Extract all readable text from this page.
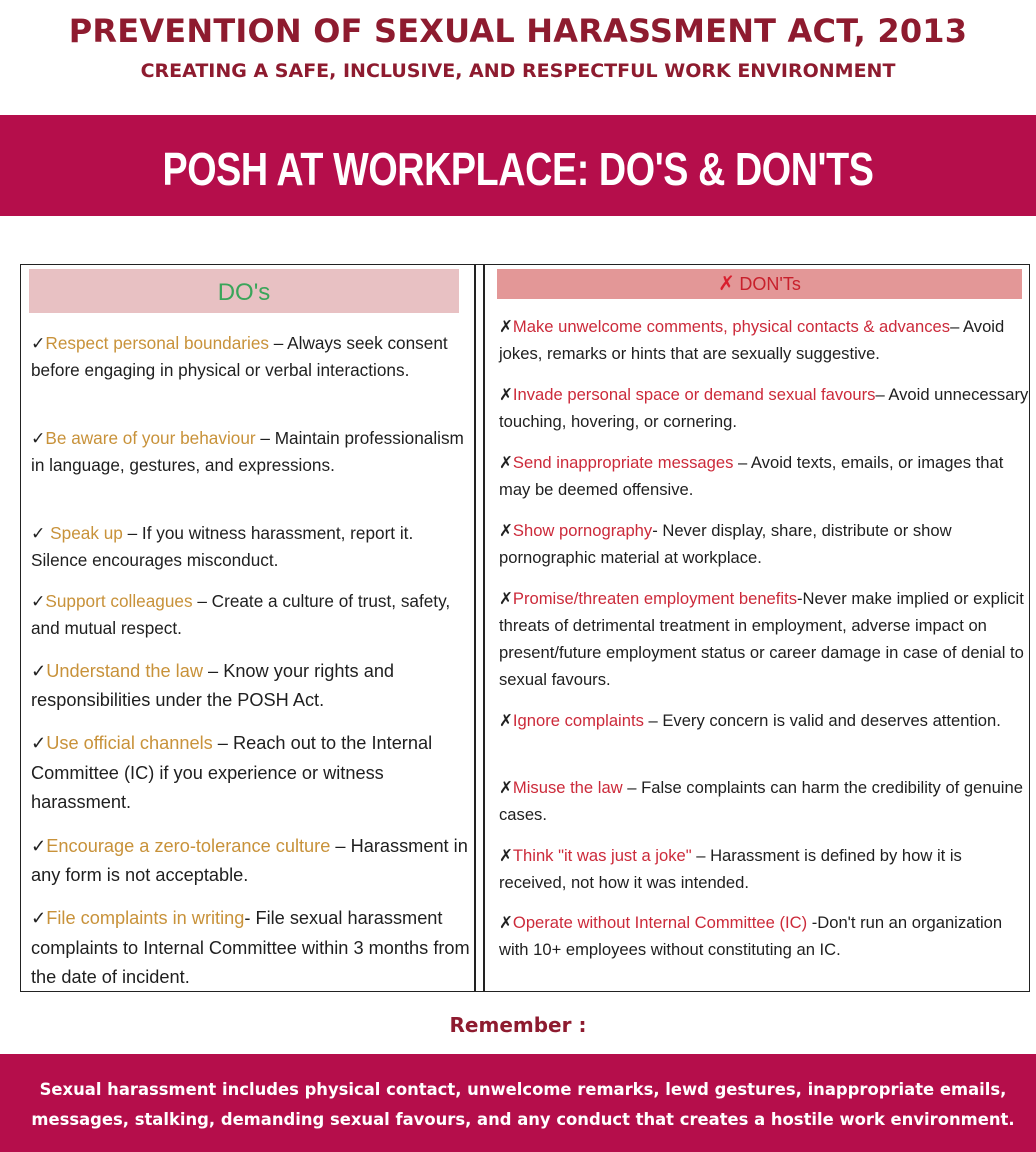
PREVENTION OF SEXUAL HARASSMENT ACT, 2013
CREATING A SAFE, INCLUSIVE, AND RESPECTFUL WORK ENVIRONMENT
POSH AT WORKPLACE: DO'S & DON'TS
DO's	✗ DON'Ts
✓Respect personal boundaries – Always seek consent before engaging in physical or verbal interactions.
✓Be aware of your behaviour – Maintain professionalism in language, gestures, and expressions.
✓ Speak up – If you witness harassment, report it. Silence encourages misconduct.
✓Support colleagues – Create a culture of trust, safety, and mutual respect.
✓Understand the law – Know your rights and responsibilities under the POSH Act.
✓Use official channels – Reach out to the Internal Committee (IC) if you experience or witness harassment.
✓Encourage a zero-tolerance culture – Harassment in any form is not acceptable.
✓File complaints in writing- File sexual harassment complaints to Internal Committee within 3 months from the date of incident.
✗Make unwelcome comments, physical contacts & advances– Avoid jokes, remarks or hints that are sexually suggestive.
✗Invade personal space or demand sexual favours– Avoid unnecessary touching, hovering, or cornering.
✗Send inappropriate messages – Avoid texts, emails, or images that may be deemed offensive.
✗Show pornography- Never display, share, distribute or show pornographic material at workplace.
✗Promise/threaten employment benefits-Never make implied or explicit threats of detrimental treatment in employment, adverse impact on present/future employment status or career damage in case of denial to sexual favours.
✗Ignore complaints – Every concern is valid and deserves attention.
✗Misuse the law – False complaints can harm the credibility of genuine cases.
✗Think "it was just a joke" – Harassment is defined by how it is received, not how it was intended.
✗Operate without Internal Committee (IC) -Don't run an organization with 10+ employees without constituting an IC.
Remember :
Sexual harassment includes physical contact, unwelcome remarks, lewd gestures, inappropriate emails, messages, stalking, demanding sexual favours, and any conduct that creates a hostile work environment.
